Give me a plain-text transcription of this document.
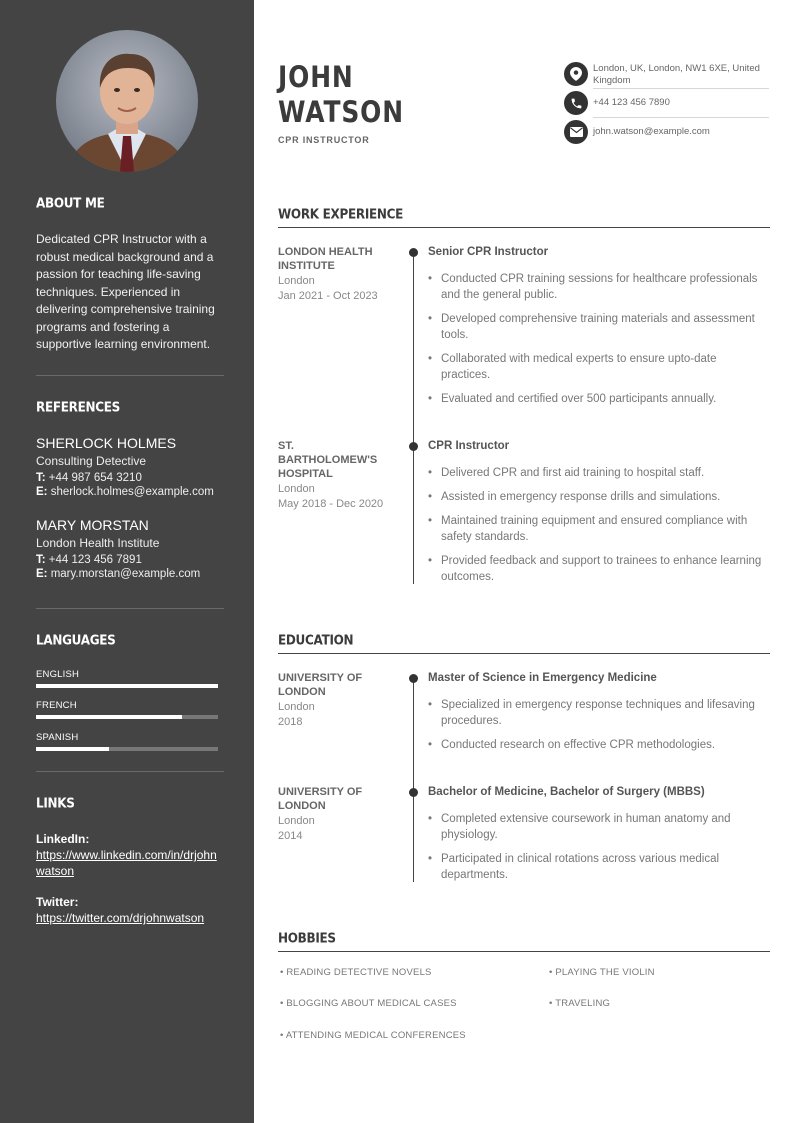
ABOUT ME

Dedicated CPR Instructor with a robust medical background and a passion for teaching life-saving techniques. Experienced in delivering comprehensive training programs and fostering a supportive learning environment.

REFERENCES
SHERLOCK HOLMES
Consulting Detective
T: +44 987 654 3210
E: sherlock.holmes@example.com
MARY MORSTAN
London Health Institute
T: +44 123 456 7891
E: mary.morstan@example.com
LANGUAGES
ENGLISH
FRENCH
SPANISH
LINKS
LinkedIn:
https://www.linkedin.com/in/drjohnwatson
Twitter:
https://twitter.com/drjohnwatson
JOHN
WATSON
CPR INSTRUCTOR
London, UK, London, NW1 6XE, United Kingdom
+44 123 456 7890
john.watson@example.com
WORK EXPERIENCE
LONDON HEALTH INSTITUTE
London
Jan 2021 - Oct 2023
Senior CPR Instructor
• Conducted CPR training sessions for healthcare professionals and the general public.
• Developed comprehensive training materials and assessment tools.
• Collaborated with medical experts to ensure upto-date practices.
• Evaluated and certified over 500 participants annually.
ST. BARTHOLOMEW'S HOSPITAL
London
May 2018 - Dec 2020
CPR Instructor
• Delivered CPR and first aid training to hospital staff.
• Assisted in emergency response drills and simulations.
• Maintained training equipment and ensured compliance with safety standards.
• Provided feedback and support to trainees to enhance learning outcomes.
EDUCATION
UNIVERSITY OF LONDON
London
2018
Master of Science in Emergency Medicine
• Specialized in emergency response techniques and lifesaving procedures.
• Conducted research on effective CPR methodologies.
UNIVERSITY OF LONDON
London
2014
Bachelor of Medicine, Bachelor of Surgery (MBBS)
• Completed extensive coursework in human anatomy and physiology.
• Participated in clinical rotations across various medical departments.
HOBBIES
• READING DETECTIVE NOVELS	• PLAYING THE VIOLIN
• BLOGGING ABOUT MEDICAL CASES	• TRAVELING
• ATTENDING MEDICAL CONFERENCES
